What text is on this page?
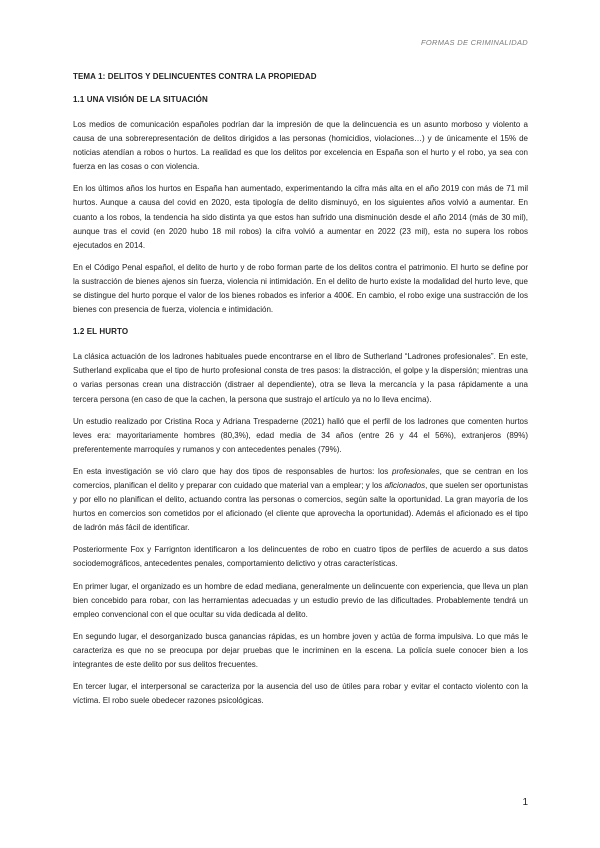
FORMAS DE CRIMINALIDAD
TEMA 1: DELITOS Y DELINCUENTES CONTRA LA PROPIEDAD
1.1 UNA VISIÓN DE LA SITUACIÓN

Los medios de comunicación españoles podrían dar la impresión de que la delincuencia es un asunto morboso y violento a causa de una sobrerepresentación de delitos dirigidos a las personas (homicidios, violaciones…) y de únicamente el 15% de noticias atendían a robos o hurtos. La realidad es que los delitos por excelencia en España son el hurto y el robo, ya sea con fuerza en las cosas o con violencia.

En los últimos años los hurtos en España han aumentado, experimentando la cifra más alta en el año 2019 con más de 71 mil hurtos. Aunque a causa del covid en 2020, esta tipología de delito disminuyó, en los siguientes años volvió a aumentar. En cuanto a los robos, la tendencia ha sido distinta ya que estos han sufrido una disminución desde el año 2014 (más de 30 mil), aunque tras el covid (en 2020 hubo 18 mil robos) la cifra volvió a aumentar en 2022 (23 mil), esta no supera los robos ejecutados en 2014.

En el Código Penal español, el delito de hurto y de robo forman parte de los delitos contra el patrimonio. El hurto se define por la sustracción de bienes ajenos sin fuerza, violencia ni intimidación. En el delito de hurto existe la modalidad del hurto leve, que se distingue del hurto porque el valor de los bienes robados es inferior a 400€. En cambio, el robo exige una sustracción de los bienes con presencia de fuerza, violencia e intimidación.

1.2 EL HURTO

La clásica actuación de los ladrones habituales puede encontrarse en el libro de Sutherland “Ladrones profesionales”. En este, Sutherland explicaba que el tipo de hurto profesional consta de tres pasos: la distracción, el golpe y la dispersión; mientras una o varias personas crean una distracción (distraer al dependiente), otra se lleva la mercancía y la pasa rápidamente a una tercera persona (en caso de que la cachen, la persona que sustrajo el artículo ya no lo lleva encima).

Un estudio realizado por Cristina Roca y Adriana Trespaderne (2021) halló que el perfil de los ladrones que comenten hurtos leves era: mayoritariamente hombres (80,3%), edad media de 34 años (entre 26 y 44 el 56%), extranjeros (89%) preferentemente marroquíes y rumanos y con antecedentes penales (79%).

En esta investigación se vió claro que hay dos tipos de responsables de hurtos: los profesionales, que se centran en los comercios, planifican el delito y preparar con cuidado que material van a emplear; y los aficionados, que suelen ser oportunistas y por ello no planifican el delito, actuando contra las personas o comercios, según salte la oportunidad. La gran mayoría de los hurtos en comercios son cometidos por el aficionado (el cliente que aprovecha la oportunidad). Además el aficionado es el tipo de ladrón más fácil de identificar.

Posteriormente Fox y Farrignton identificaron a los delincuentes de robo en cuatro tipos de perfiles de acuerdo a sus datos sociodemográficos, antecedentes penales, comportamiento delictivo y otras características.

En primer lugar, el organizado es un hombre de edad mediana, generalmente un delincuente con experiencia, que lleva un plan bien concebido para robar, con las herramientas adecuadas y un estudio previo de las dificultades. Probablemente tendrá un empleo convencional con el que ocultar su vida dedicada al delito.

En segundo lugar, el desorganizado busca ganancias rápidas, es un hombre joven y actúa de forma impulsiva. Lo que más le caracteriza es que no se preocupa por dejar pruebas que le incriminen en la escena. La policía suele conocer bien a los integrantes de este delito por sus delitos frecuentes.

En tercer lugar, el interpersonal se caracteriza por la ausencia del uso de útiles para robar y evitar el contacto violento con la víctima. El robo suele obedecer razones psicológicas.

1
